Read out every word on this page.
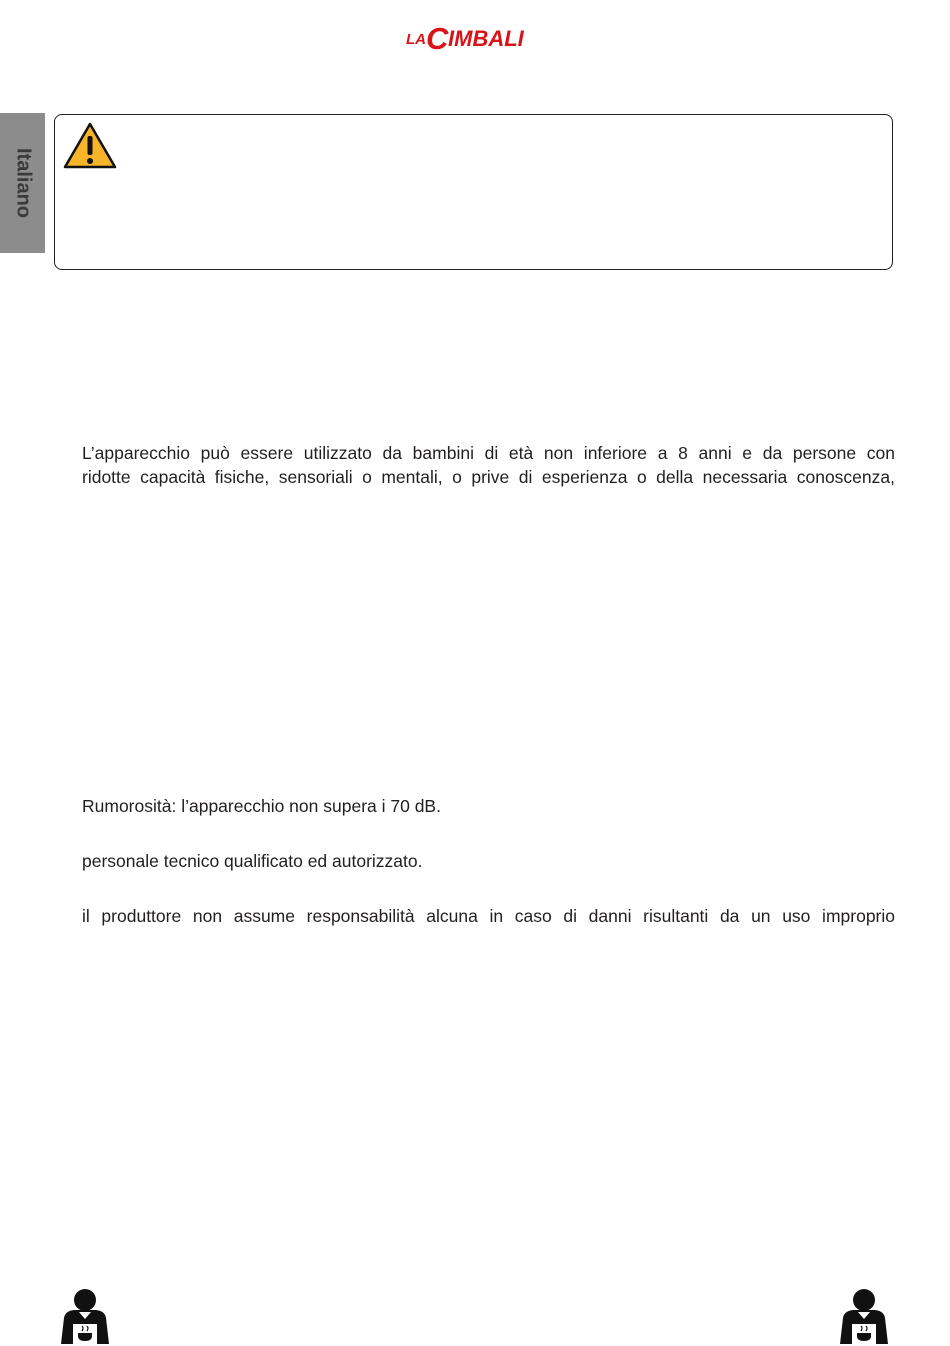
LA C IMBALI
Italiano

L’apparecchio può essere utilizzato da bambini di età non inferiore a 8 anni e da persone con

ridotte capacità fisiche, sensoriali o mentali, o prive di esperienza o della necessaria conoscenza,

Rumorosità: l’apparecchio non supera i 70 dB.

personale tecnico qualificato ed autorizzato.

il produttore non assume responsabilità alcuna in caso di danni risultanti da un uso improprio
